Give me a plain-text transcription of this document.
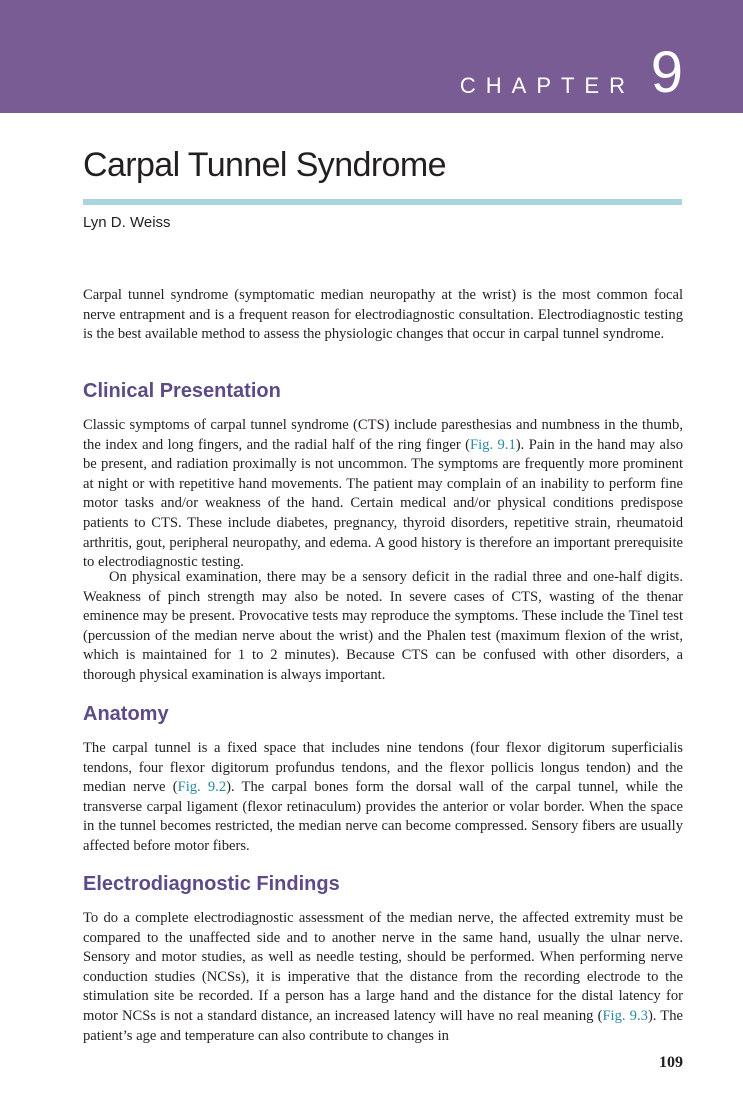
CHAPTER 9
Carpal Tunnel Syndrome
Lyn D. Weiss

Carpal tunnel syndrome (symptomatic median neuropathy at the wrist) is the most common focal nerve entrapment and is a frequent reason for electrodiagnostic consultation. Electrodiagnostic testing is the best available method to assess the physiologic changes that occur in carpal tunnel syndrome.

Clinical Presentation

Classic symptoms of carpal tunnel syndrome (CTS) include paresthesias and numbness in the thumb, the index and long fingers, and the radial half of the ring finger (Fig. 9.1). Pain in the hand may also be present, and radiation proximally is not uncommon. The symptoms are frequently more prominent at night or with repetitive hand movements. The patient may complain of an inability to perform fine motor tasks and/or weakness of the hand. Certain medical and/or physical conditions predispose patients to CTS. These include diabetes, pregnancy, thyroid disorders, repetitive strain, rheumatoid arthritis, gout, peripheral neuropathy, and edema. A good history is therefore an important prerequisite to electrodiagnostic testing.

On physical examination, there may be a sensory deficit in the radial three and one-half digits. Weakness of pinch strength may also be noted. In severe cases of CTS, wasting of the thenar eminence may be present. Provocative tests may reproduce the symptoms. These include the Tinel test (percussion of the median nerve about the wrist) and the Phalen test (maximum flexion of the wrist, which is maintained for 1 to 2 minutes). Because CTS can be confused with other disorders, a thorough physical examination is always important.

Anatomy

The carpal tunnel is a fixed space that includes nine tendons (four flexor digitorum superficialis tendons, four flexor digitorum profundus tendons, and the flexor pollicis longus tendon) and the median nerve (Fig. 9.2). The carpal bones form the dorsal wall of the carpal tunnel, while the transverse carpal ligament (flexor retinaculum) provides the anterior or volar border. When the space in the tunnel becomes restricted, the median nerve can become compressed. Sensory fibers are usually affected before motor fibers.

Electrodiagnostic Findings

To do a complete electrodiagnostic assessment of the median nerve, the affected extremity must be compared to the unaffected side and to another nerve in the same hand, usually the ulnar nerve. Sensory and motor studies, as well as needle testing, should be performed. When performing nerve conduction studies (NCSs), it is imperative that the distance from the recording electrode to the stimulation site be recorded. If a person has a large hand and the distance for the distal latency for motor NCSs is not a standard distance, an increased latency will have no real meaning (Fig. 9.3). The patient’s age and temperature can also contribute to changes in

109
